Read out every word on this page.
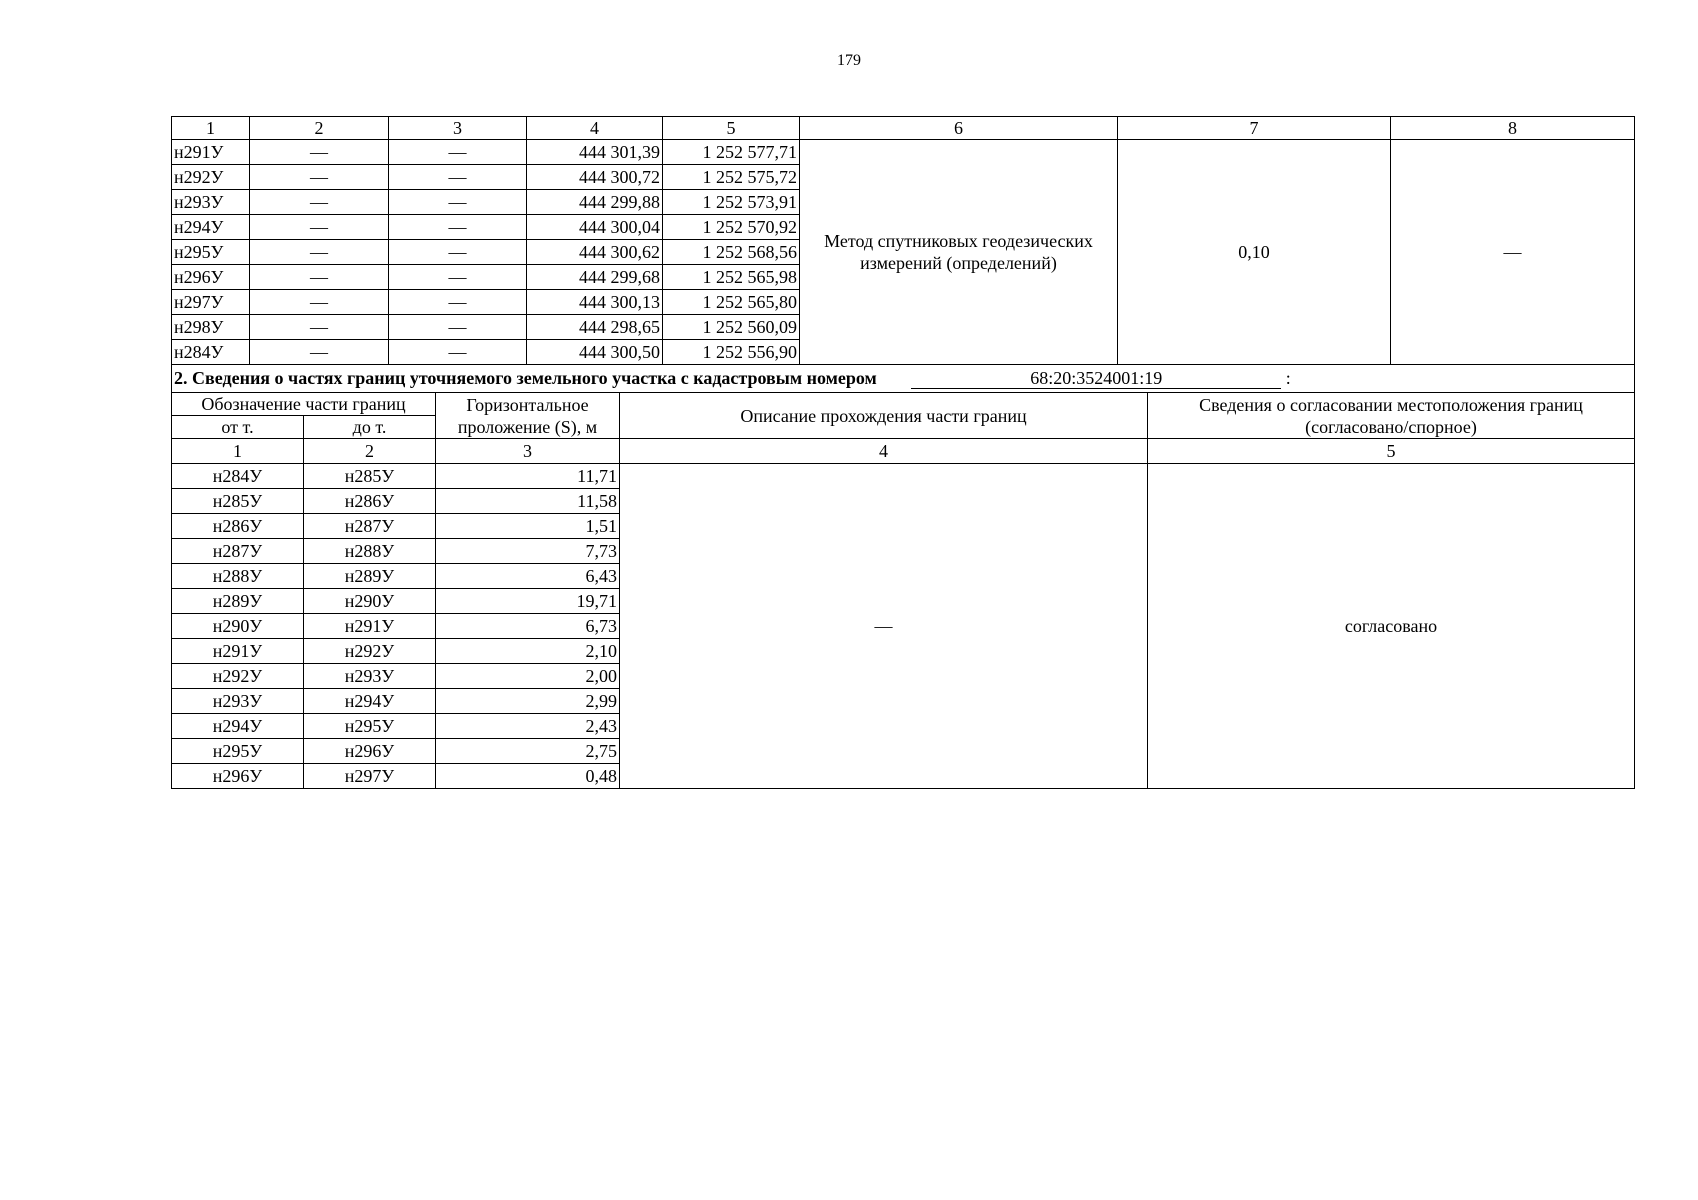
179
1	2	3	4	5	6	7	8
н291У	—	—	444 301,39	1 252 577,71	Метод спутниковых геодезических измерений (определений)	0,10	—
н292У	—	—	444 300,72	1 252 575,72			
н293У	—	—	444 299,88	1 252 573,91			
н294У	—	—	444 300,04	1 252 570,92			
н295У	—	—	444 300,62	1 252 568,56			
н296У	—	—	444 299,68	1 252 565,98			
н297У	—	—	444 300,13	1 252 565,80			
н298У	—	—	444 298,65	1 252 560,09			
н284У	—	—	444 300,50	1 252 556,90			
2. Сведения о частях границ уточняемого земельного участка с кадастровым номером 68:20:3524001:19 :				
Обозначение части границ		Горизонтальное проложение (S), м	Описание прохождения части границ	Сведения о согласовании местоположения границ (согласовано/спорное)
от т.	до т.			
1	2	3	4	5
н284У	н285У	11,71	—	согласовано
н285У	н286У	11,58		
н286У	н287У	1,51		
н287У	н288У	7,73		
н288У	н289У	6,43		
н289У	н290У	19,71		
н290У	н291У	6,73		
н291У	н292У	2,10		
н292У	н293У	2,00		
н293У	н294У	2,99		
н294У	н295У	2,43		
н295У	н296У	2,75		
н296У	н297У	0,48		
